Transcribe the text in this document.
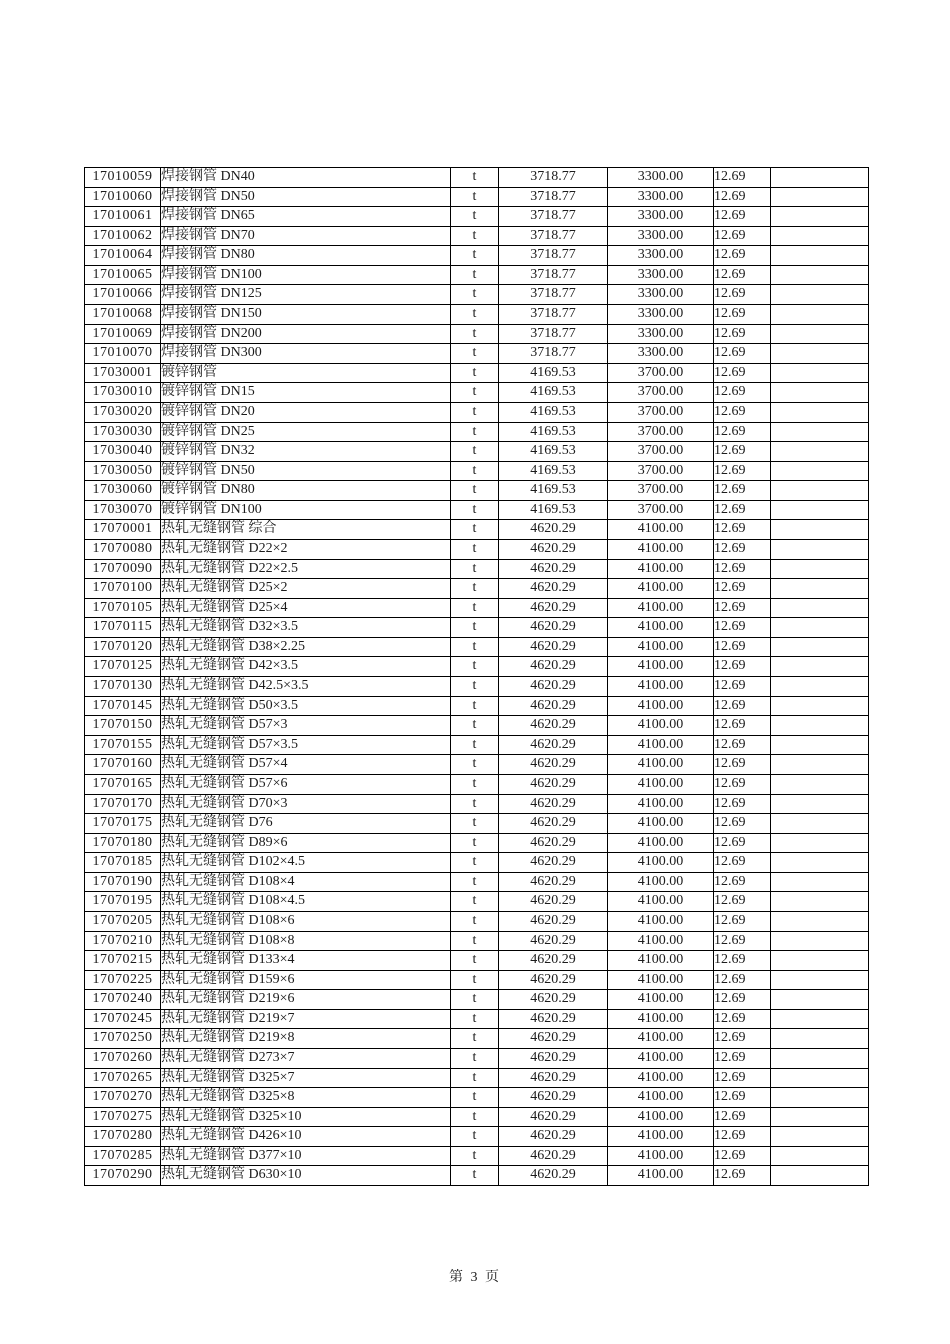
17010059	焊接钢管 DN40	t	3718.77	3300.00	12.69	
17010060	焊接钢管 DN50	t	3718.77	3300.00	12.69	
17010061	焊接钢管 DN65	t	3718.77	3300.00	12.69	
17010062	焊接钢管 DN70	t	3718.77	3300.00	12.69	
17010064	焊接钢管 DN80	t	3718.77	3300.00	12.69	
17010065	焊接钢管 DN100	t	3718.77	3300.00	12.69	
17010066	焊接钢管 DN125	t	3718.77	3300.00	12.69	
17010068	焊接钢管 DN150	t	3718.77	3300.00	12.69	
17010069	焊接钢管 DN200	t	3718.77	3300.00	12.69	
17010070	焊接钢管 DN300	t	3718.77	3300.00	12.69	
17030001	镀锌钢管	t	4169.53	3700.00	12.69	
17030010	镀锌钢管 DN15	t	4169.53	3700.00	12.69	
17030020	镀锌钢管 DN20	t	4169.53	3700.00	12.69	
17030030	镀锌钢管 DN25	t	4169.53	3700.00	12.69	
17030040	镀锌钢管 DN32	t	4169.53	3700.00	12.69	
17030050	镀锌钢管 DN50	t	4169.53	3700.00	12.69	
17030060	镀锌钢管 DN80	t	4169.53	3700.00	12.69	
17030070	镀锌钢管 DN100	t	4169.53	3700.00	12.69	
17070001	热轧无缝钢管 综合	t	4620.29	4100.00	12.69	
17070080	热轧无缝钢管 D22×2	t	4620.29	4100.00	12.69	
17070090	热轧无缝钢管 D22×2.5	t	4620.29	4100.00	12.69	
17070100	热轧无缝钢管 D25×2	t	4620.29	4100.00	12.69	
17070105	热轧无缝钢管 D25×4	t	4620.29	4100.00	12.69	
17070115	热轧无缝钢管 D32×3.5	t	4620.29	4100.00	12.69	
17070120	热轧无缝钢管 D38×2.25	t	4620.29	4100.00	12.69	
17070125	热轧无缝钢管 D42×3.5	t	4620.29	4100.00	12.69	
17070130	热轧无缝钢管 D42.5×3.5	t	4620.29	4100.00	12.69	
17070145	热轧无缝钢管 D50×3.5	t	4620.29	4100.00	12.69	
17070150	热轧无缝钢管 D57×3	t	4620.29	4100.00	12.69	
17070155	热轧无缝钢管 D57×3.5	t	4620.29	4100.00	12.69	
17070160	热轧无缝钢管 D57×4	t	4620.29	4100.00	12.69	
17070165	热轧无缝钢管 D57×6	t	4620.29	4100.00	12.69	
17070170	热轧无缝钢管 D70×3	t	4620.29	4100.00	12.69	
17070175	热轧无缝钢管 D76	t	4620.29	4100.00	12.69	
17070180	热轧无缝钢管 D89×6	t	4620.29	4100.00	12.69	
17070185	热轧无缝钢管 D102×4.5	t	4620.29	4100.00	12.69	
17070190	热轧无缝钢管 D108×4	t	4620.29	4100.00	12.69	
17070195	热轧无缝钢管 D108×4.5	t	4620.29	4100.00	12.69	
17070205	热轧无缝钢管 D108×6	t	4620.29	4100.00	12.69	
17070210	热轧无缝钢管 D108×8	t	4620.29	4100.00	12.69	
17070215	热轧无缝钢管 D133×4	t	4620.29	4100.00	12.69	
17070225	热轧无缝钢管 D159×6	t	4620.29	4100.00	12.69	
17070240	热轧无缝钢管 D219×6	t	4620.29	4100.00	12.69	
17070245	热轧无缝钢管 D219×7	t	4620.29	4100.00	12.69	
17070250	热轧无缝钢管 D219×8	t	4620.29	4100.00	12.69	
17070260	热轧无缝钢管 D273×7	t	4620.29	4100.00	12.69	
17070265	热轧无缝钢管 D325×7	t	4620.29	4100.00	12.69	
17070270	热轧无缝钢管 D325×8	t	4620.29	4100.00	12.69	
17070275	热轧无缝钢管 D325×10	t	4620.29	4100.00	12.69	
17070280	热轧无缝钢管 D426×10	t	4620.29	4100.00	12.69	
17070285	热轧无缝钢管 D377×10	t	4620.29	4100.00	12.69	
17070290	热轧无缝钢管 D630×10	t	4620.29	4100.00	12.69	
第 3 页
